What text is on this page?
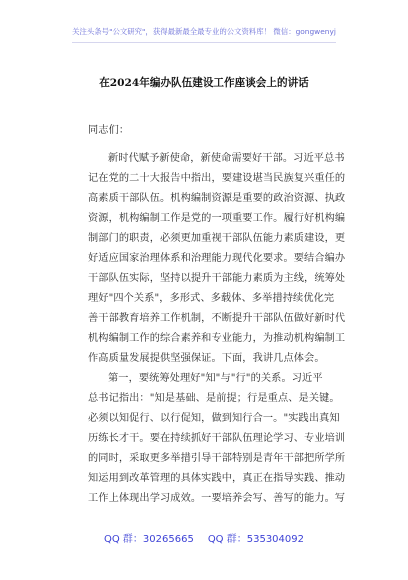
关注头条号"公文研究"，获得最新最全最专业的公文资料库！ 微信：gongwenyj
在2024年编办队伍建设工作座谈会上的讲话
同志们：
新时代赋予新使命，新使命需要好干部。习近平总书
记在党的二十大报告中指出，要建设堪当民族复兴重任的
高素质干部队伍。机构编制资源是重要的政治资源、执政
资源，机构编制工作是党的一项重要工作。履行好机构编
制部门的职责，必须更加重视干部队伍能力素质建设，更
好适应国家治理体系和治理能力现代化要求。要结合编办
干部队伍实际，坚持以提升干部能力素质为主线，统筹处
理好"四个关系"，多形式、多载体、多举措持续优化完
善干部教育培养工作机制，不断提升干部队伍做好新时代
机构编制工作的综合素养和专业能力，为推动机构编制工
作高质量发展提供坚强保证。下面，我讲几点体会。
第一，要统筹处理好"知"与"行"的关系。习近平
总书记指出："知是基础、是前提；行是重点、是关键。
必须以知促行、以行促知，做到知行合一。"实践出真知
历练长才干。要在持续抓好干部队伍理论学习、专业培训
的同时，采取更多举措引导干部特别是青年干部把所学所
知运用到改革管理的具体实践中，真正在指导实践、推动
工作上体现出学习成效。一要培养会写、善写的能力。写
QQ 群：30265665 QQ 群：535304092
